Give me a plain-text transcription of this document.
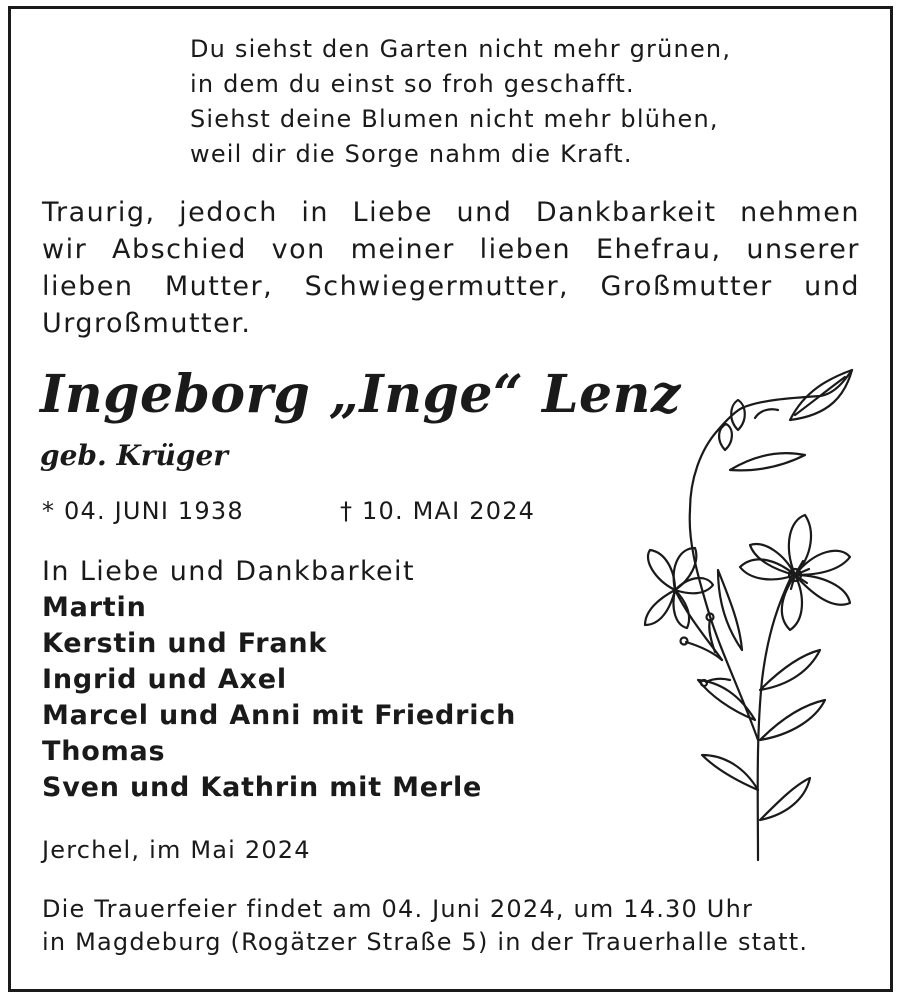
Du siehst den Garten nicht mehr grünen,
in dem du einst so froh geschafft.
Siehst deine Blumen nicht mehr blühen,
weil dir die Sorge nahm die Kraft.
Traurig, jedoch in Liebe und Dankbarkeit nehmen
wir Abschied von meiner lieben Ehefrau, unserer
lieben Mutter, Schwiegermutter, Großmutter und
Urgroßmutter.
Ingeborg „Inge“ Lenz
geb. Krüger
* 04. JUNI 1938	† 10. MAI 2024
In Liebe und Dankbarkeit
Martin
Kerstin und Frank
Ingrid und Axel
Marcel und Anni mit Friedrich
Thomas
Sven und Kathrin mit Merle
Jerchel, im Mai 2024
Die Trauerfeier findet am 04. Juni 2024, um 14.30 Uhr
in Magdeburg (Rogätzer Straße 5) in der Trauerhalle statt.
